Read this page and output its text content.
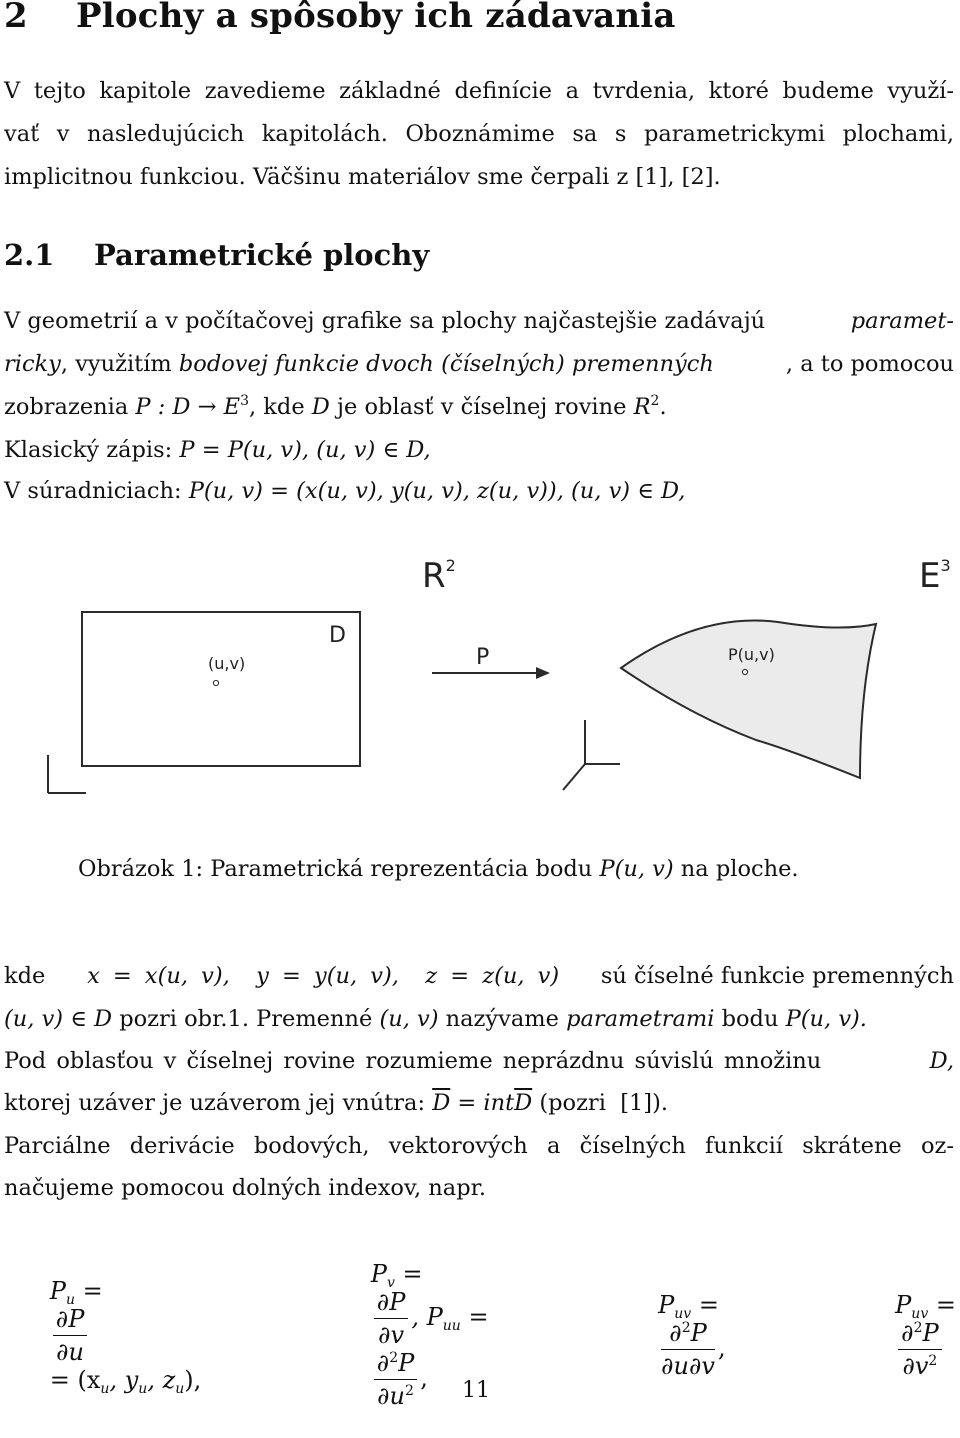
2 Plochy a spôsoby ich zádavania
V tejto kapitole zavedieme základné definície a tvrdenia, ktoré budeme využí-
vať v nasledujúcich kapitolách. Oboznámime sa s parametrickymi plochami,
implicitnou funkciou. Väčšinu materiálov sme čerpali z [1], [2].
2.1 Parametrické plochy
V geometrií a v počítačovej grafike sa plochy najčastejšie zadávajú	paramet-
ricky , využitím bodovej funkcie dvoch (číselných) premenných	, a to pomocou
zobrazenia P : $D \to E^3$, kde D je oblasť v číselnej rovine $R^2$.
Klasický zápis: P = P(u, v), (u, v) ∈ D,
V súradniciach: P(u, v) = (x(u, v), y(u, v), z(u, v)), (u, v) ∈ D,
$R^2$	$E^3$
D
(u,v)	P	P(u,v)
Obrázok 1: Parametrická reprezentácia bodu P(u, v) na ploche.
kde x = x(u, v),  y = y(u, v),  z = z(u, v) sú číselné funkcie premenných
(u, v) ∈ D pozri obr.1. Premenné (u, v) nazývame parametrami bodu P(u, v).
Pod oblasťou v číselnej rovine rozumieme neprázdnu súvislú množinu	D,
ktorej uzáver je uzáverom jej vnútra: $\overline{D} = int\overline{D}$ (pozri  [1]).
Parciálne derivácie bodových, vektorových a číselných funkcií skrátene oz-
načujeme pomocou dolných indexov, napr.

$P_u$ =

$\frac{\partial P}{\partial u}$

= ($x_u$, $y_u$, $z_u$),

$P_v$ =

$\frac{\partial P}{\partial v}$ , $P_{uu}$ =

$\frac{\partial^2P}{\partial u^2}$ ,

$P_{uv}$ =

$\frac{\partial^2P}{\partial u\partial v}$ ,

$P_{uv}$ =

$\frac{\partial^2P}{\partial v^2}$

11
